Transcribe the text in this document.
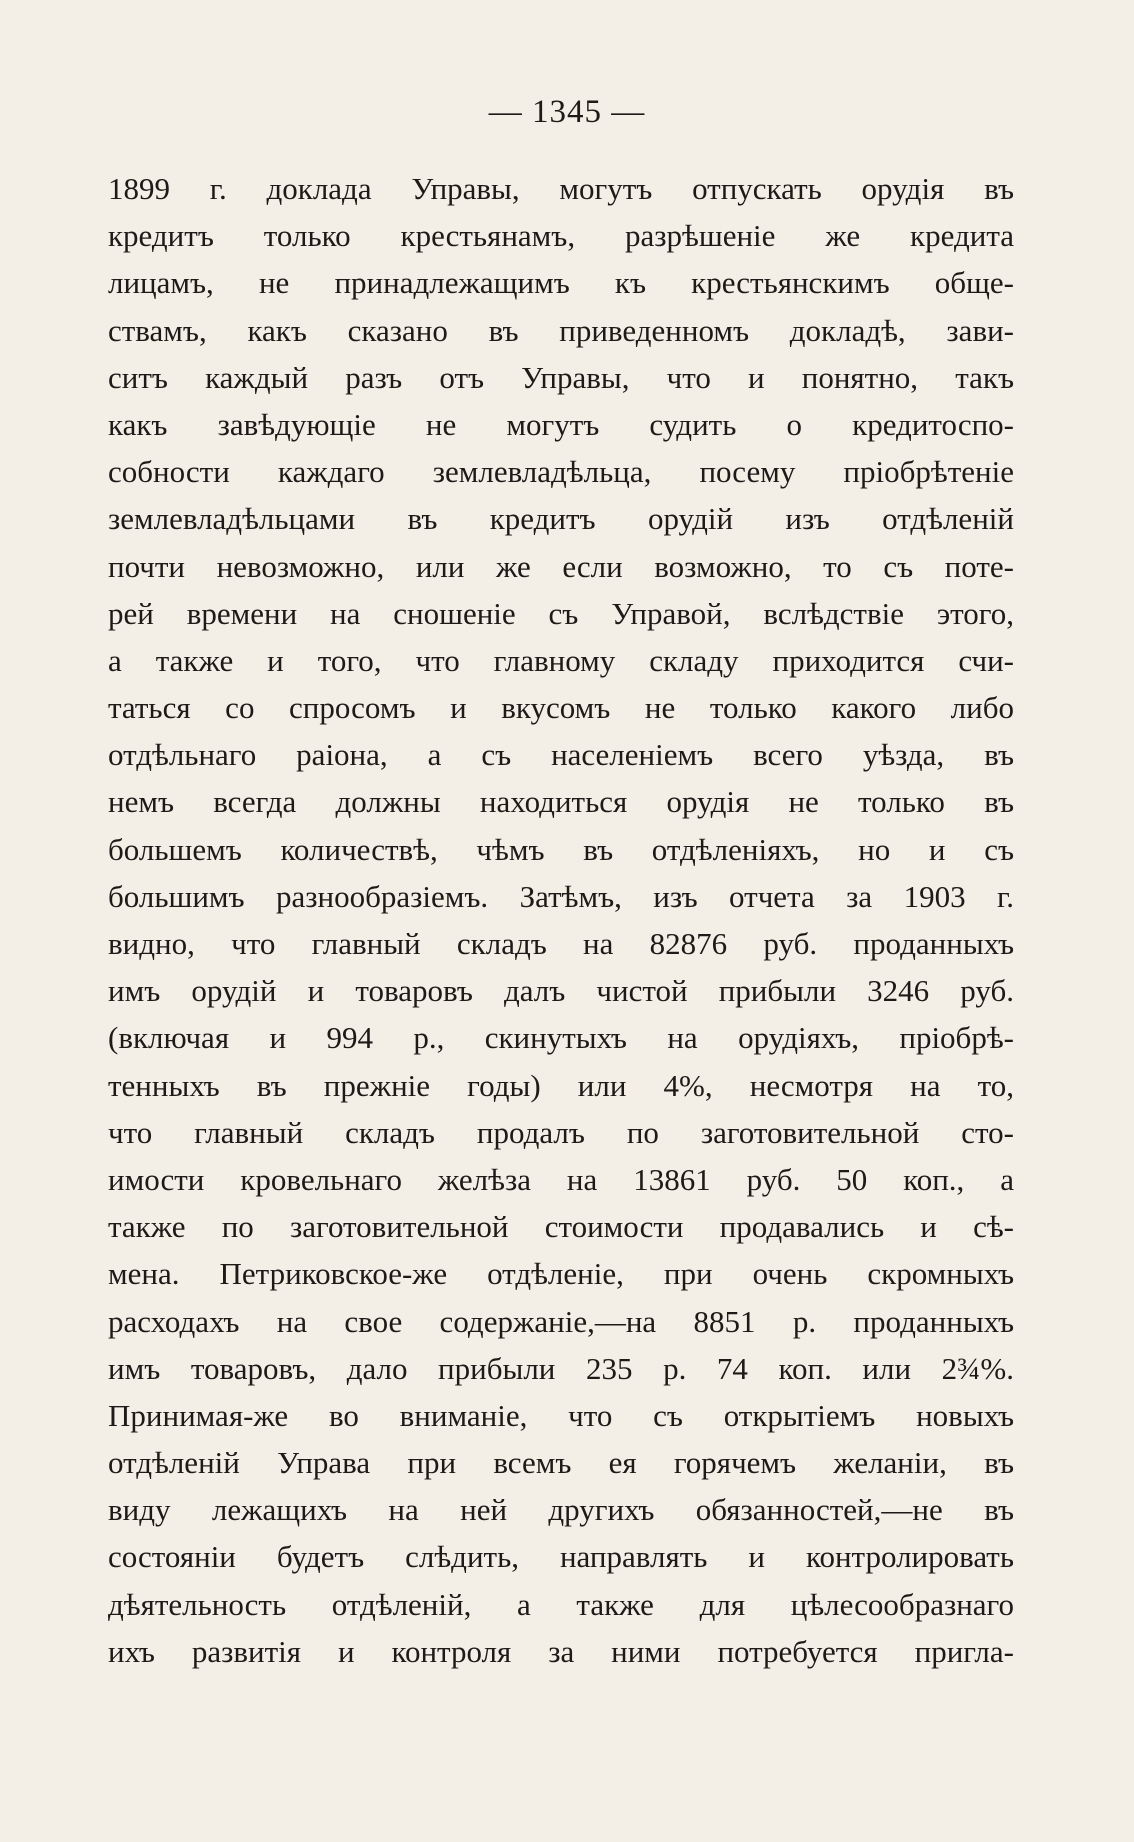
— 1345 —
1899 г. доклада Управы, могутъ отпускать орудія въ
кредитъ только крестьянамъ, разрѣшеніе же кредита
лицамъ, не принадлежащимъ къ крестьянскимъ обще-
ствамъ, какъ сказано въ приведенномъ докладѣ, зави-
ситъ каждый разъ отъ Управы, что и понятно, такъ
какъ завѣдующіе не могутъ судить о кредитоспо-
собности каждаго землевладѣльца, посему пріобрѣтеніе
землевладѣльцами въ кредитъ орудій изъ отдѣленій
почти невозможно, или же если возможно, то съ поте-
рей времени на сношеніе съ Управой, вслѣдствіе этого,
а также и того, что главному складу приходится счи-
таться со спросомъ и вкусомъ не только какого либо
отдѣльнаго раіона, а съ населеніемъ всего уѣзда, въ
немъ всегда должны находиться орудія не только въ
большемъ количествѣ, чѣмъ въ отдѣленіяхъ, но и съ
большимъ разнообразіемъ. Затѣмъ, изъ отчета за 1903 г.
видно, что главный складъ на 82876 руб. проданныхъ
имъ орудій и товаровъ далъ чистой прибыли 3246 руб.
(включая и 994 р., скинутыхъ на орудіяхъ, пріобрѣ-
тенныхъ въ прежніе годы) или 4%, несмотря на то,
что главный складъ продалъ по заготовительной сто-
имости кровельнаго желѣза на 13861 руб. 50 коп., а
также по заготовительной стоимости продавались и сѣ-
мена. Петриковское-же отдѣленіе, при очень скромныхъ
расходахъ на свое содержаніе,—на 8851 р. проданныхъ
имъ товаровъ, дало прибыли 235 р. 74 коп. или 2¾%.
Принимая-же во вниманіе, что съ открытіемъ новыхъ
отдѣленій Управа при всемъ ея горячемъ желаніи, въ
виду лежащихъ на ней другихъ обязанностей,—не въ
состояніи будетъ слѣдить, направлять и контролировать
дѣятельность отдѣленій, а также для цѣлесообразнаго
ихъ развитія и контроля за ними потребуется пригла-
